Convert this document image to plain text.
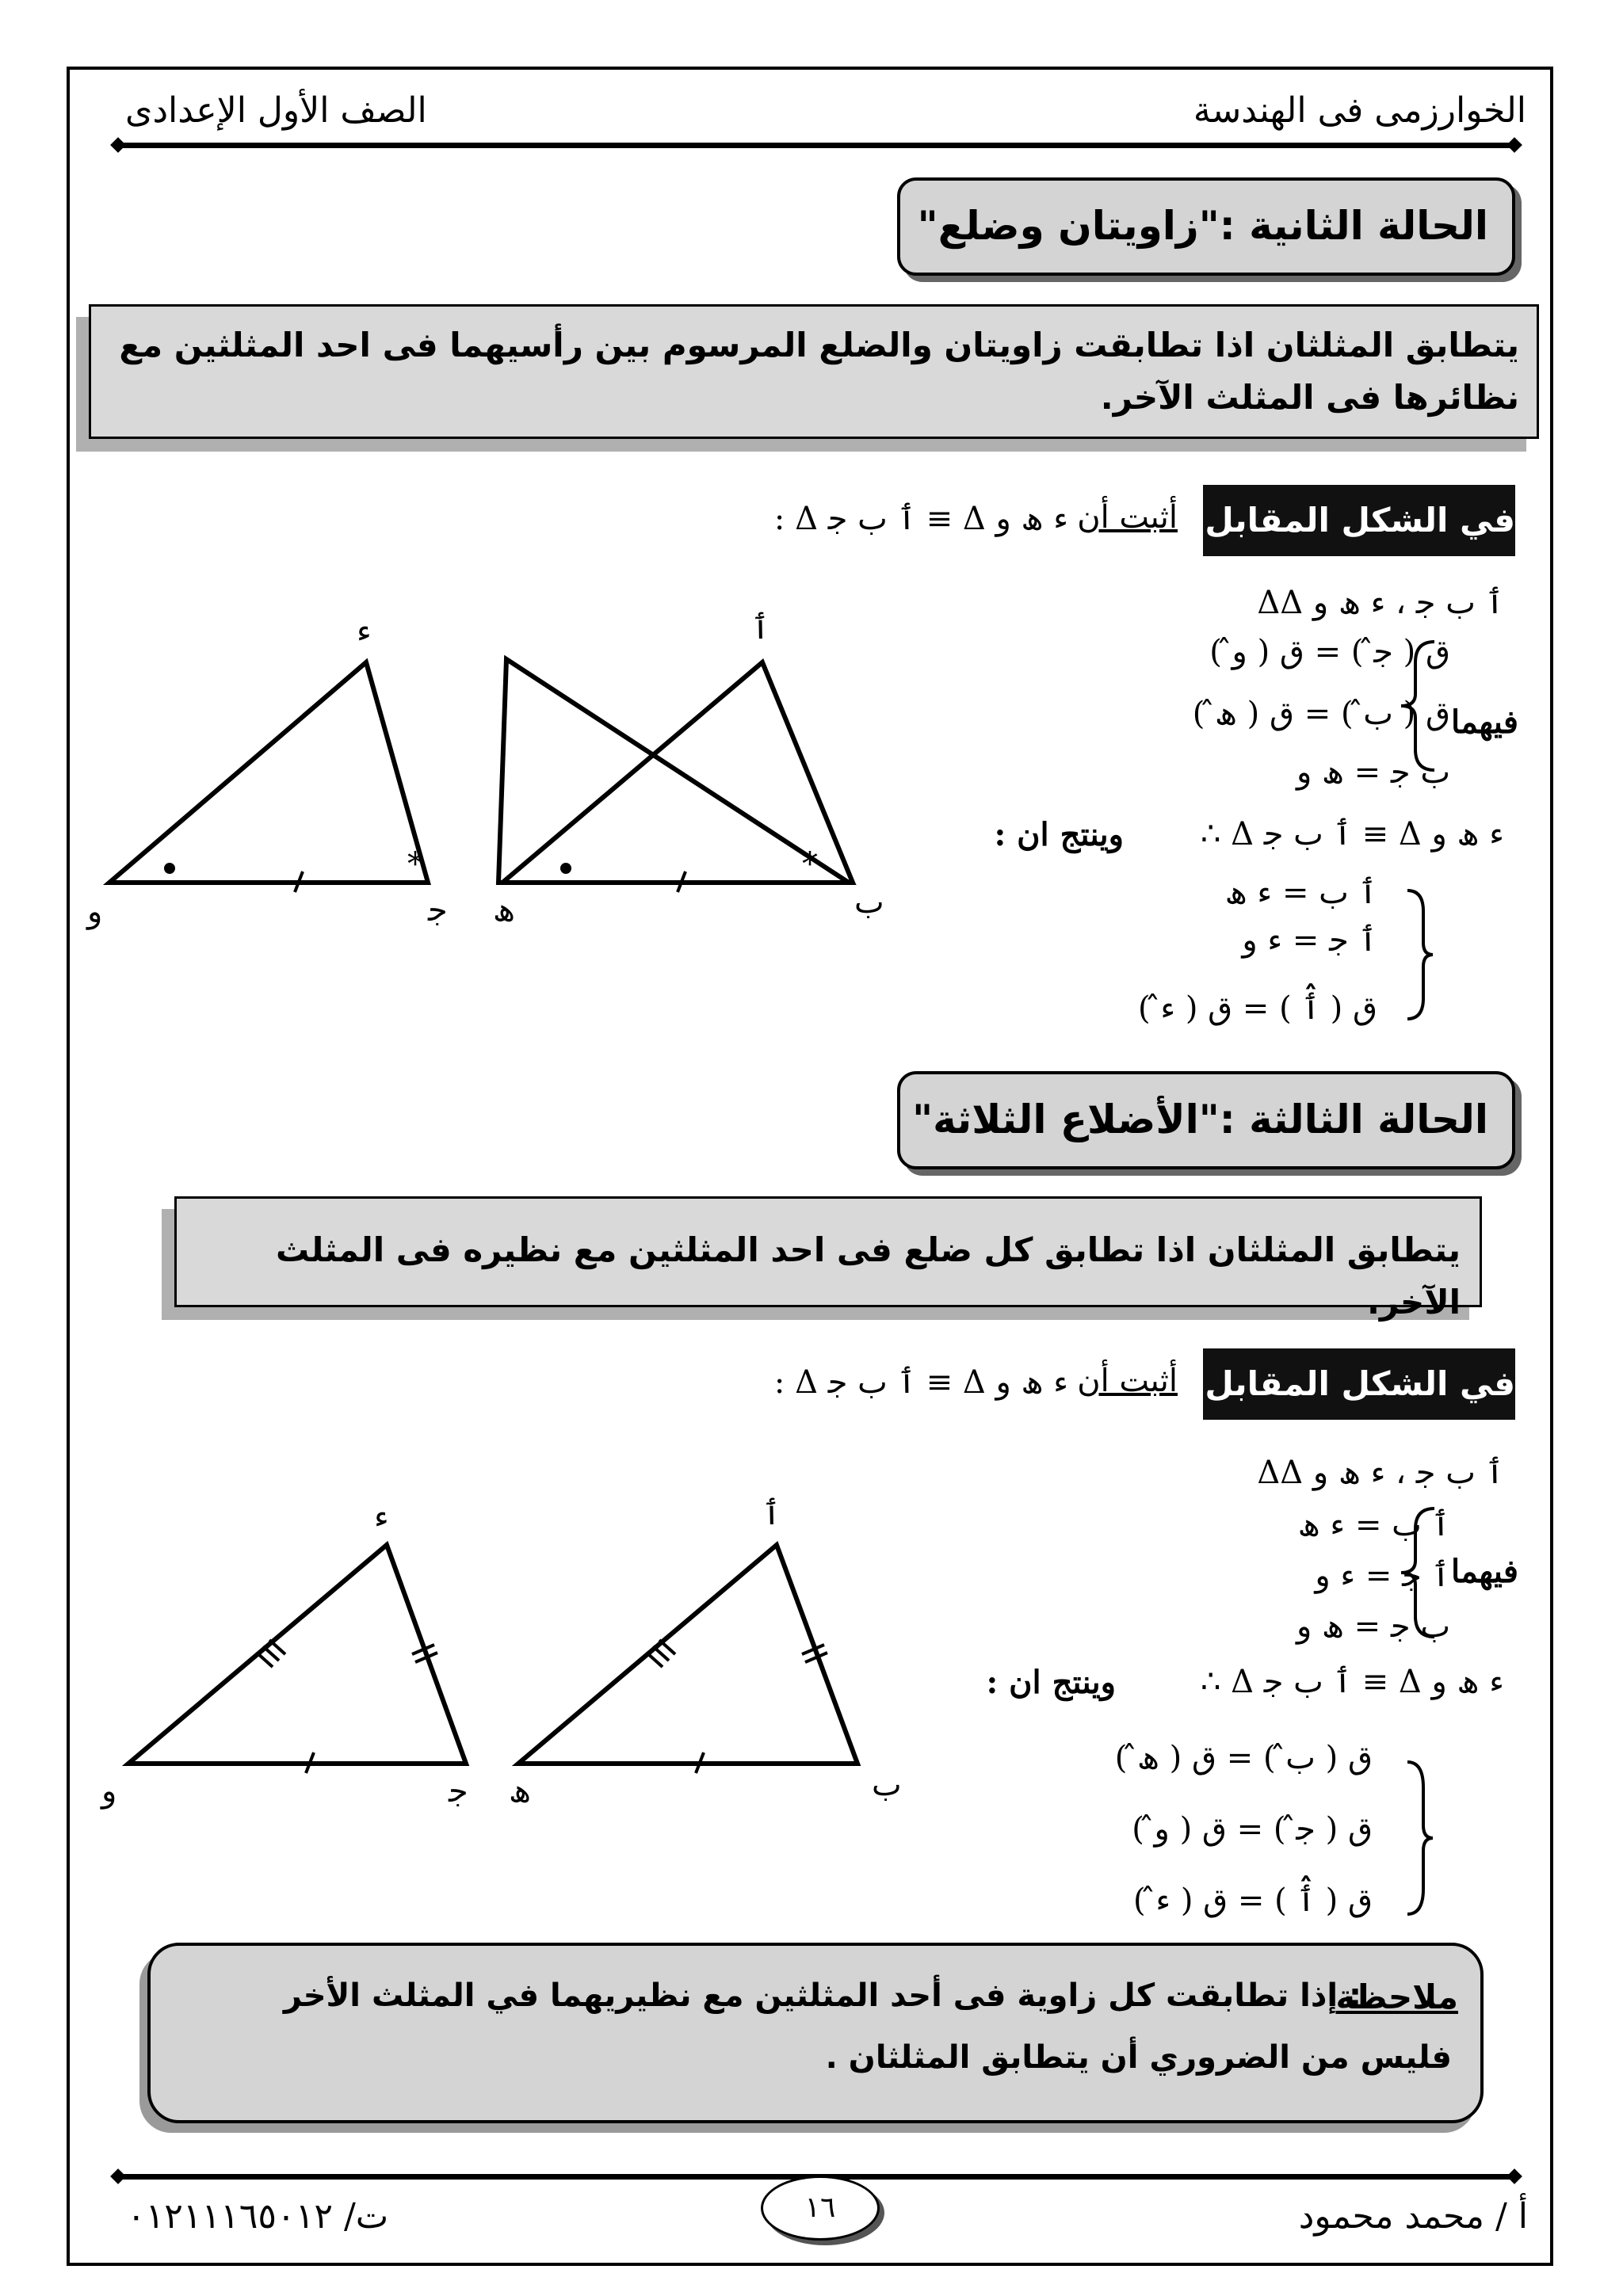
الخوارزمى فى الهندسة
الصف الأول الإعدادى
الحالة الثانية :"زاويتان وضلع"
يتطابق المثلثان اذا تطابقت زاويتان والضلع المرسوم بين رأسيهما فى احد المثلثين مع نظائرها فى المثلث الآخر.
في الشكل المقابل :-
أثبت أن
: Δ ٲ ب ﺟ ≡ Δ ﺀ ﮪ و
ΔΔ ٲ ب ﺟ ، ﺀ ﮪ و
ق ( ﺟ̂ ) = ق ( و̂ )
ق ( ب̂ ) = ق ( ﮪ̂ )
ب ﺟ = ﮪ و
فيهما
∴ Δ ٲ ب ﺟ ≡ Δ ﺀ ﮪ و
وينتج ان :
ٲ ب = ﺀ ﮪ
ٲ ﺟ = ﺀ و
ق ( ٲ̂ ) = ق ( ﺀ̂ )
*
*
ٲ
ﮪ	ب
ﺀ
و	ﺟ
الحالة الثالثة :"الأضلاع الثلاثة"
يتطابق المثلثان اذا تطابق كل ضلع فى احد المثلثين مع نظيره فى المثلث الآخر.
في الشكل المقابل :-
أثبت أن
: Δ ٲ ب ﺟ ≡ Δ ﺀ ﮪ و
ΔΔ ٲ ب ﺟ ، ﺀ ﮪ و
ٲ ب = ﺀ ﮪ
ٲ ﺟ = ﺀ و
ب ﺟ = ﮪ و
فيهما
∴ Δ ٲ ب ﺟ ≡ Δ ﺀ ﮪ و
وينتج ان :
ق ( ب̂ ) = ق ( ﮪ̂ )
ق ( ﺟ̂ ) = ق ( و̂ )
ق ( ٲ̂ ) = ق ( ﺀ̂ )
ٲ
ﮪ	ب
ﺀ
و	ﺟ
ملاحظة
: إذا تطابقت كل زاوية فى أحد المثلثين مع نظيريهما في المثلث الأخر
فليس من الضروري أن يتطابق المثلثان .
أ / محمد محمود
١٦
ت/ ٠١٢١١١٦٥٠١٢
